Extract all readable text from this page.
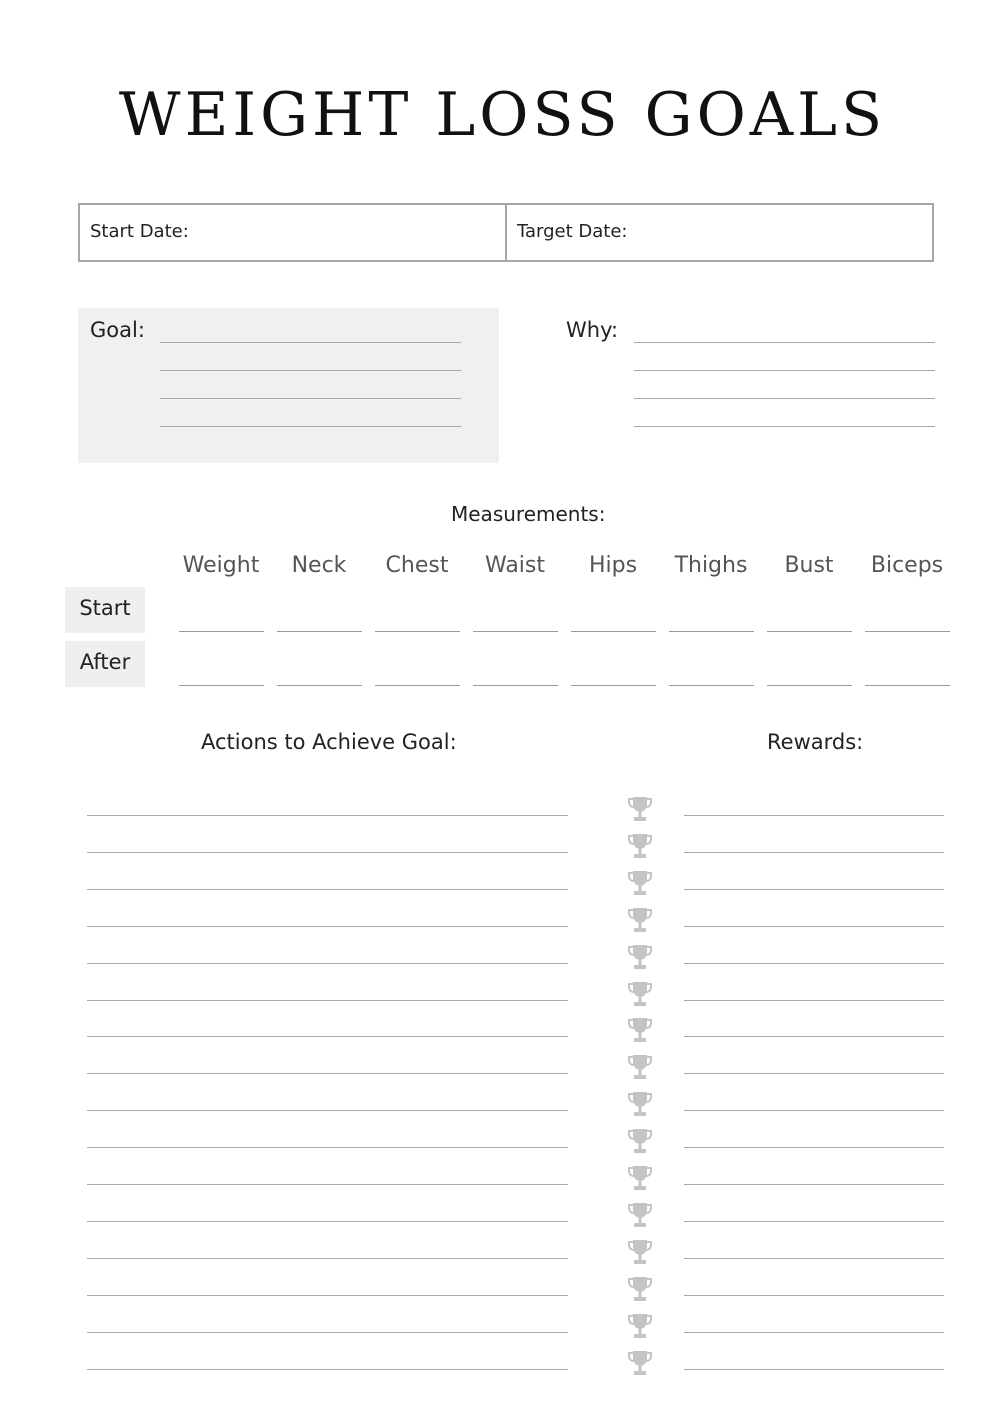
WEIGHT LOSS GOALS
Start Date:	Target Date:
Goal:	Why:
Measurements:
Weight	Neck	Chest	Waist	Hips	Thighs	Bust	Biceps
Start
After
Actions to Achieve Goal:	Rewards:
